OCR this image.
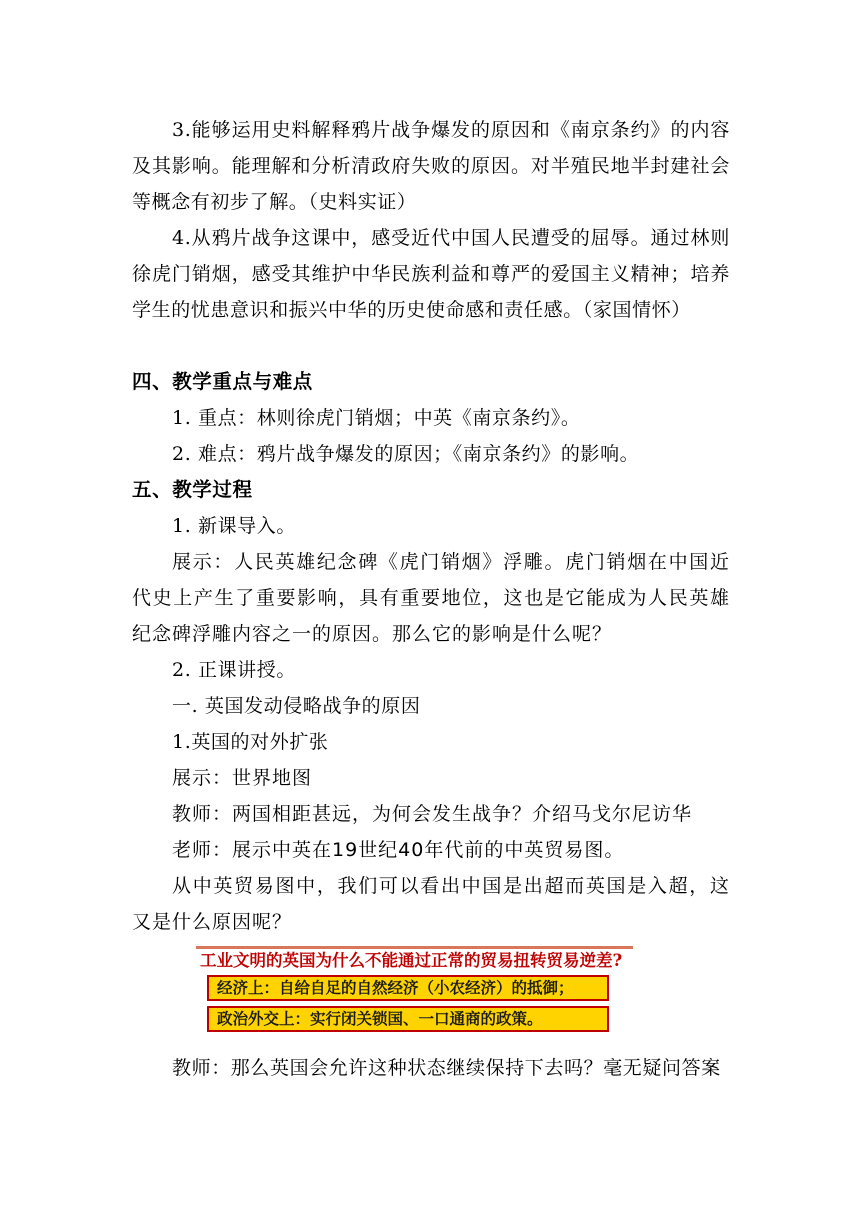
3.能够运用史料解释鸦片战争爆发的原因和《南京条约》的内容及其影响。能理解和分析清政府失败的原因。对半殖民地半封建社会等概念有初步了解。（史料实证）

4.从鸦片战争这课中，感受近代中国人民遭受的屈辱。通过林则徐虎门销烟，感受其维护中华民族利益和尊严的爱国主义精神；培养学生的忧患意识和振兴中华的历史使命感和责任感。（家国情怀）

四、教学重点与难点

1. 重点：林则徐虎门销烟；中英《南京条约》。

2. 难点：鸦片战争爆发的原因；《南京条约》的影响。

五、教学过程

1. 新课导入。

展示：人民英雄纪念碑《虎门销烟》浮雕。虎门销烟在中国近代史上产生了重要影响，具有重要地位，这也是它能成为人民英雄纪念碑浮雕内容之一的原因。那么它的影响是什么呢？

2. 正课讲授。

一. 英国发动侵略战争的原因

1.英国的对外扩张

展示：世界地图

教师：两国相距甚远，为何会发生战争？介绍马戈尔尼访华

老师：展示中英在19世纪40年代前的中英贸易图。

从中英贸易图中，我们可以看出中国是出超而英国是入超，这又是什么原因呢？

工业文明的英国为什么不能通过正常的贸易扭转贸易逆差?
经济上：自给自足的自然经济（小农经济）的抵御；
政治外交上：实行闭关锁国、一口通商的政策。

教师：那么英国会允许这种状态继续保持下去吗？毫无疑问答案
